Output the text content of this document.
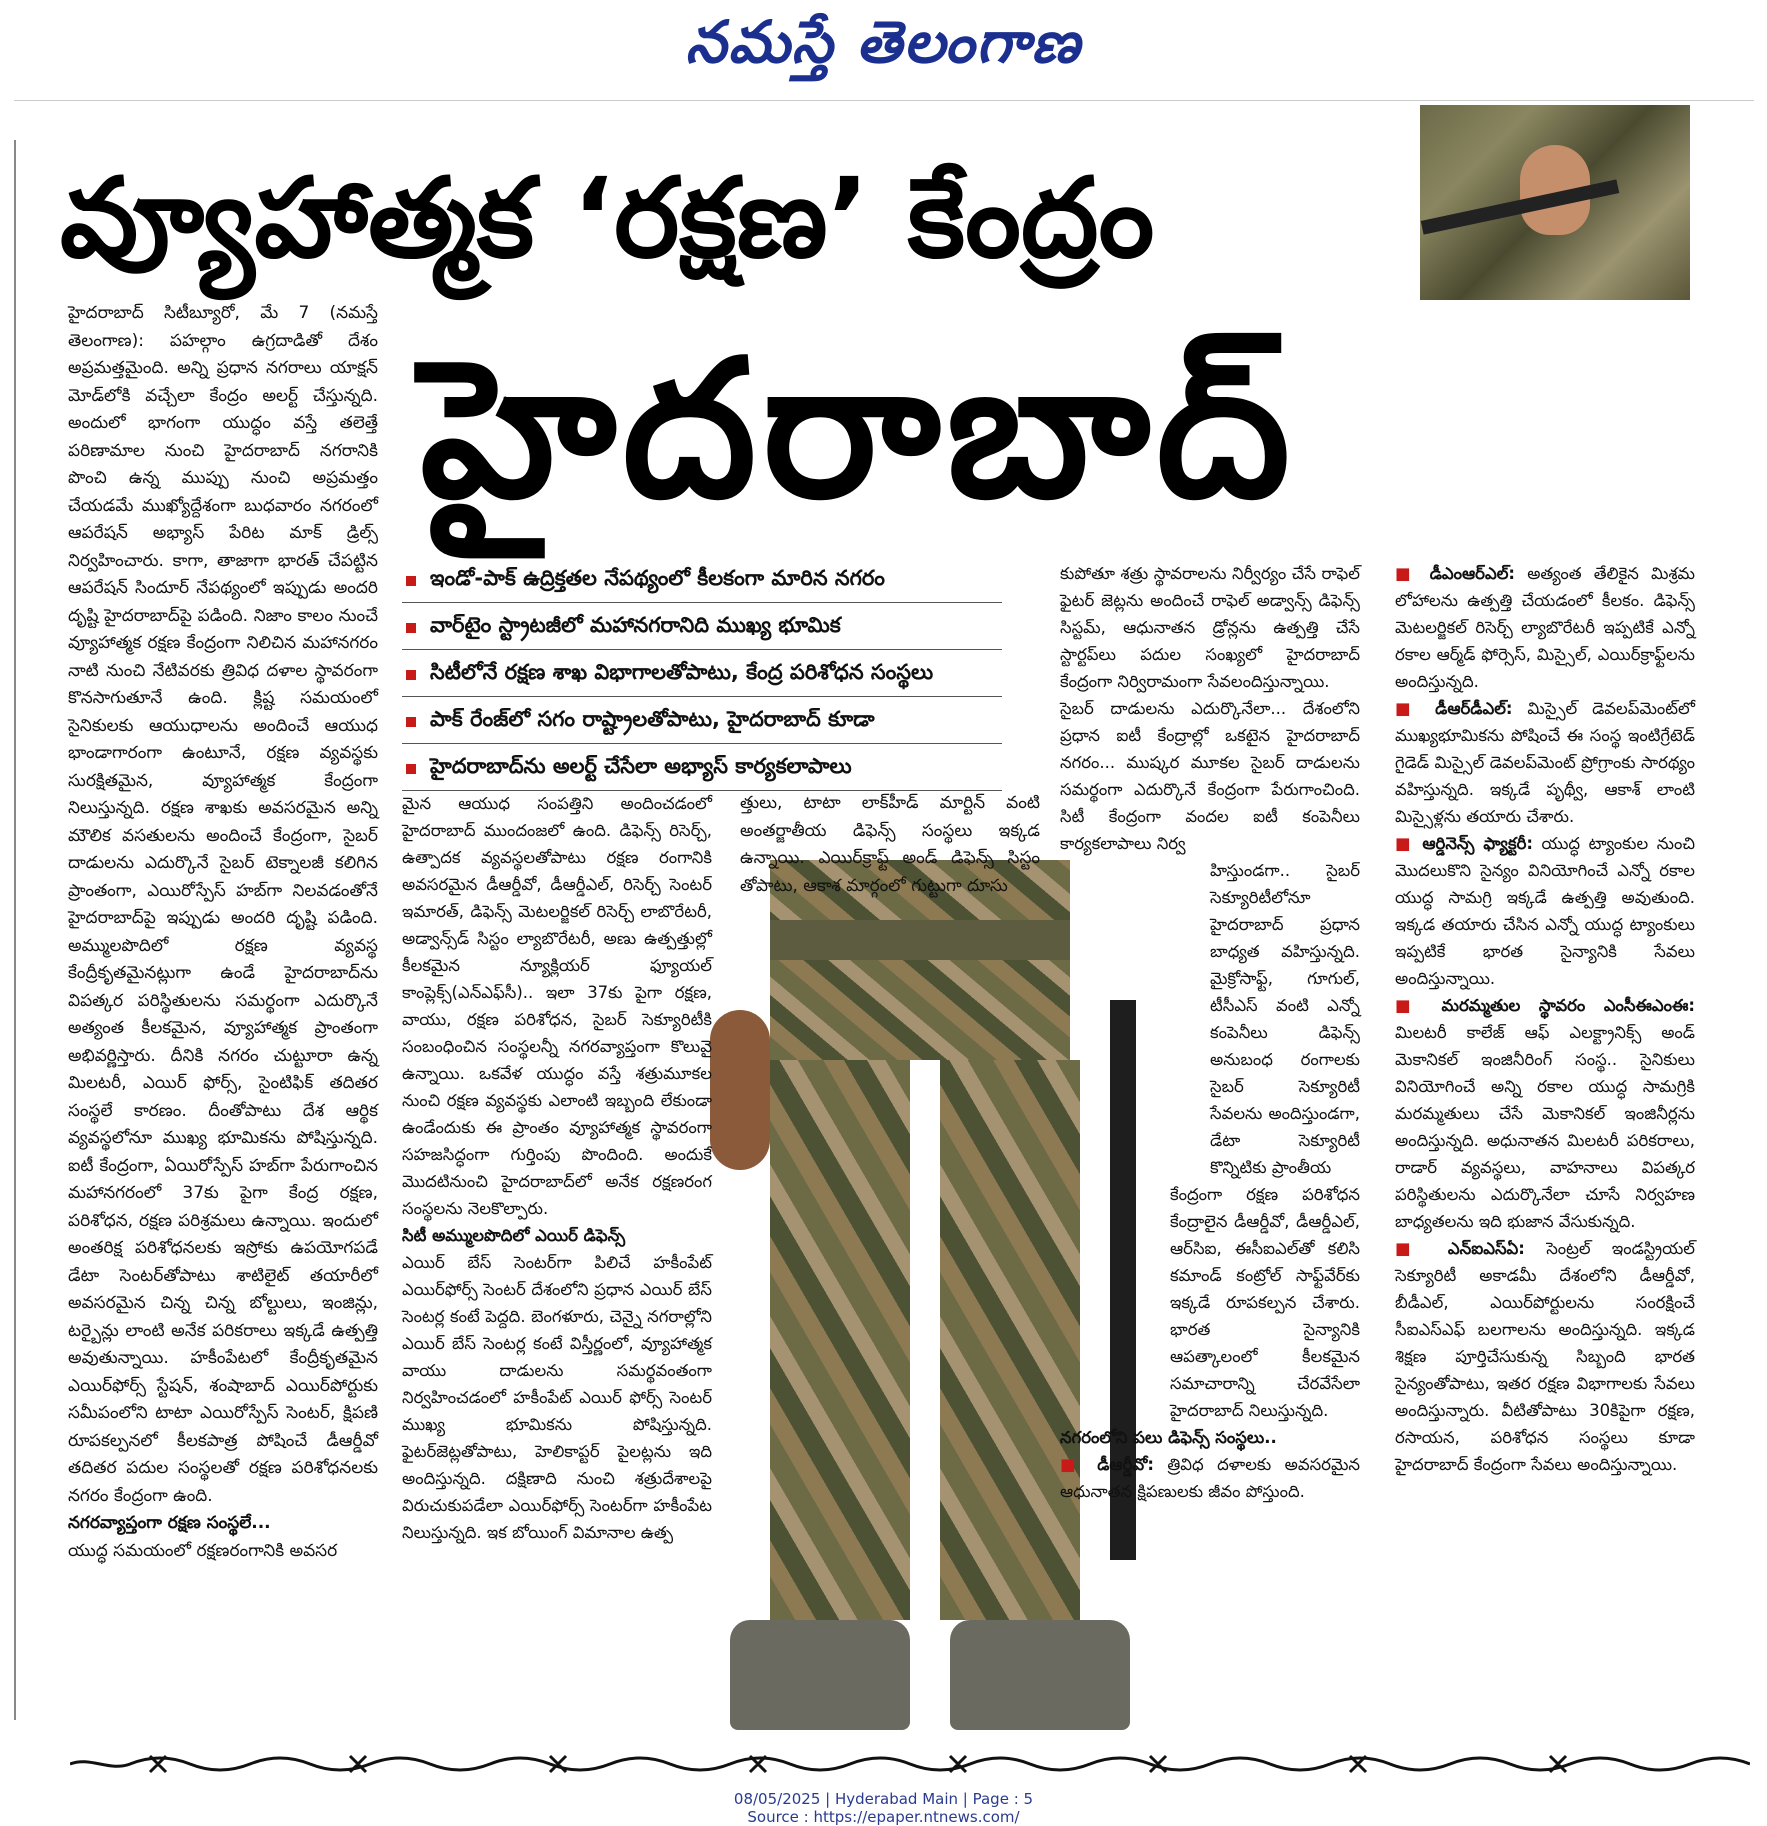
నమస్తే తెలంగాణ
వ్యూహాత్మక ‘రక్షణ’ కేంద్రం
హైదరాబాద్
ఇండో-పాక్ ఉద్రిక్తతల నేపథ్యంలో కీలకంగా మారిన నగరం
వార్‌టైం స్ట్రాటజీలో మహానగరానిది ముఖ్య భూమిక
సిటీలోనే రక్షణ శాఖ విభాగాలతోపాటు, కేంద్ర పరిశోధన సంస్థలు
పాక్ రేంజ్‌లో సగం రాష్ట్రాలతోపాటు, హైదరాబాద్ కూడా
హైదరాబాద్‌ను అలర్ట్ చేసేలా అభ్యాస్ కార్యకలాపాలు

హైదరాబాద్ సిటీబ్యూరో, మే 7 (నమస్తే తెలంగాణ): పహల్గాం ఉగ్రదాడితో దేశం అప్రమత్తమైంది. అన్ని ప్రధాన నగరాలు యాక్షన్ మోడ్‌లోకి వచ్చేలా కేంద్రం అలర్ట్ చేస్తున్నది. అందులో భాగంగా యుద్ధం వస్తే తలెత్తే పరిణామాల నుంచి హైదరాబాద్ నగరానికి పొంచి ఉన్న ముప్పు నుంచి అప్రమత్తం చేయడమే ముఖ్యోద్దేశంగా బుధవారం నగరంలో ఆపరేషన్ అభ్యాస్ పేరిట మాక్ డ్రిల్స్ నిర్వహించారు. కాగా, తాజాగా భారత్ చేపట్టిన ఆపరేషన్ సిందూర్ నేపథ్యంలో ఇప్పుడు అందరి దృష్టి హైదరాబాద్‌పై పడింది. నిజాం కాలం నుంచే వ్యూహాత్మక రక్షణ కేంద్రంగా నిలిచిన మహానగరం నాటి నుంచి నేటివరకు త్రివిధ దళాల స్థావరంగా కొనసాగుతూనే ఉంది. క్లిష్ట సమయంలో సైనికులకు ఆయుధాలను అందించే ఆయుధ భాండాగారంగా ఉంటూనే, రక్షణ వ్యవస్థకు సురక్షితమైన, వ్యూహాత్మక కేంద్రంగా నిలుస్తున్నది. రక్షణ శాఖకు అవసరమైన అన్ని మౌలిక వసతులను అందించే కేంద్రంగా, సైబర్ దాడులను ఎదుర్కొనే సైబర్ టెక్నాలజీ కలిగిన ప్రాంతంగా, ఎయిరోస్పేస్ హబ్‌గా నిలవడంతోనే హైదరాబాద్‌పై ఇప్పుడు అందరి దృష్టి పడింది. అమ్ములపొదిలో రక్షణ వ్యవస్థ కేంద్రీకృతమైనట్లుగా ఉండే హైదరాబాద్‌ను విపత్కర పరిస్థితులను సమర్థంగా ఎదుర్కొనే అత్యంత కీలకమైన, వ్యూహాత్మక ప్రాంతంగా అభివర్ణిస్తారు. దీనికి నగరం చుట్టూరా ఉన్న మిలటరీ, ఎయిర్ ఫోర్స్, సైంటిఫిక్ తదితర సంస్థలే కారణం. దీంతోపాటు దేశ ఆర్థిక వ్యవస్థలోనూ ముఖ్య భూమికను పోషిస్తున్నది. ఐటీ కేంద్రంగా, ఏయిరోస్పేస్ హబ్‌గా పేరుగాంచిన మహానగరంలో 37కు పైగా కేంద్ర రక్షణ, పరిశోధన, రక్షణ పరిశ్రమలు ఉన్నాయి. ఇందులో అంతరిక్ష పరిశోధనలకు ఇస్రోకు ఉపయోగపడే డేటా సెంటర్‌తోపాటు శాటిలైట్ తయారీలో అవసరమైన చిన్న చిన్న బోల్టులు, ఇంజిన్లు, టర్బైన్లు లాంటి అనేక పరికరాలు ఇక్కడే ఉత్పత్తి అవుతున్నాయి. హకీంపేటలో కేంద్రీకృతమైన ఎయిర్‌ఫోర్స్ స్టేషన్, శంషాబాద్ ఎయిర్‌పోర్టుకు సమీపంలోని టాటా ఎయిరోస్పేస్ సెంటర్, క్షిపణి రూపకల్పనలో కీలకపాత్ర పోషించే డీఆర్డీవో తదితర పదుల సంస్థలతో రక్షణ పరిశోధనలకు నగరం కేంద్రంగా ఉంది.

నగరవ్యాప్తంగా రక్షణ సంస్థలే...

యుద్ధ సమయంలో రక్షణరంగానికి అవసర

మైన ఆయుధ సంపత్తిని అందించడంలో హైదరాబాద్ ముందంజలో ఉంది. డిఫెన్స్ రిసెర్చ్, ఉత్పాదక వ్యవస్థలతోపాటు రక్షణ రంగానికి అవసరమైన డీఆర్డీవో, డీఆర్డీఎల్, రిసెర్చ్ సెంటర్ ఇమారత్, డిఫెన్స్ మెటలర్జికల్ రిసెర్చ్ లాబొరేటరీ, అడ్వాన్స్‌డ్ సిస్టం ల్యాబొరేటరీ, అణు ఉత్పత్తుల్లో కీలకమైన న్యూక్లియర్ ఫ్యూయల్ కాంప్లెక్స్(ఎన్‌ఎఫ్‌సీ).. ఇలా 37కు పైగా రక్షణ, వాయు, రక్షణ పరిశోధన, సైబర్ సెక్యూరిటీకి సంబంధించిన సంస్థలన్నీ నగరవ్యాప్తంగా కొలువై ఉన్నాయి. ఒకవేళ యుద్ధం వస్తే శత్రుమూకల నుంచి రక్షణ వ్యవస్థకు ఎలాంటి ఇబ్బంది లేకుండా ఉండేందుకు ఈ ప్రాంతం వ్యూహాత్మక స్థావరంగా సహజసిద్ధంగా గుర్తింపు పొందింది. అందుకే మొదటినుంచి హైదరాబాద్‌లో అనేక రక్షణరంగ సంస్థలను నెలకొల్పారు.

సిటీ అమ్ములపొదిలో ఎయిర్ డిఫెన్స్

ఎయిర్ బేస్ సెంటర్‌గా పిలిచే హకీంపేట్ ఎయిర్‌ఫోర్స్ సెంటర్ దేశంలోని ప్రధాన ఎయిర్ బేస్ సెంటర్ల కంటే పెద్దది. బెంగళూరు, చెన్నై నగరాల్లోని ఎయిర్ బేస్ సెంటర్ల కంటే విస్తీర్ణంలో, వ్యూహాత్మక వాయు దాడులను సమర్థవంతంగా నిర్వహించడంలో హకీంపేట్ ఎయిర్ ఫోర్స్ సెంటర్ ముఖ్య భూమికను పోషిస్తున్నది. ఫైటర్‌జెట్లతోపాటు, హెలికాప్టర్ పైలట్లను ఇది అందిస్తున్నది. దక్షిణాది నుంచి శత్రుదేశాలపై విరుచుకుపడేలా ఎయిర్‌ఫోర్స్ సెంటర్‌గా హకీంపేట నిలుస్తున్నది. ఇక బోయింగ్ విమానాల ఉత్ప

త్తులు, టాటా లాక్‌హీడ్ మార్టిన్ వంటి అంతర్జాతీయ డిఫెన్స్ సంస్థలు ఇక్కడ ఉన్నాయి. ఎయిర్‌క్రాఫ్ట్ అండ్ డిఫెన్స్ సిస్టం తోపాటు, ఆకాశ మార్గంలో గుట్టుగా దూసు

కుపోతూ శత్రు స్థావరాలను నిర్వీర్యం చేసే రాఫెల్ ఫైటర్ జెట్లను అందించే రాఫెల్ అడ్వాన్స్ డిఫెన్స్ సిస్టమ్, ఆధునాతన డ్రోన్లను ఉత్పత్తి చేసే స్టార్టప్‌లు పదుల సంఖ్యలో హైదరాబాద్ కేంద్రంగా నిర్విరామంగా సేవలందిస్తున్నాయి.

సైబర్ దాడులను ఎదుర్కొనేలా... దేశంలోని ప్రధాన ఐటీ కేంద్రాల్లో ఒకటైన హైదరాబాద్ నగరం... ముష్కర మూకల సైబర్ దాడులను సమర్థంగా ఎదుర్కొనే కేంద్రంగా పేరుగాంచింది. సిటీ కేంద్రంగా వందల ఐటీ కంపెనీలు కార్యకలాపాలు నిర్వ

హిస్తుండగా.. సైబర్ సెక్యూరిటీలోనూ హైదరాబాద్ ప్రధాన బాధ్యత వహిస్తున్నది. మైక్రోసాఫ్ట్, గూగుల్, టీసీఎస్ వంటి ఎన్నో కంపెనీలు డిఫెన్స్ అనుబంధ రంగాలకు సైబర్ సెక్యూరిటీ సేవలను అందిస్తుండగా, డేటా సెక్యూరిటీ కొన్నిటికు ప్రాంతీయ

కేంద్రంగా రక్షణ పరిశోధన కేంద్రాలైన డీఆర్డీవో, డీఆర్డీఎల్, ఆర్‌సిఐ, ఈసీఐఎల్‌తో కలిసి కమాండ్ కంట్రోల్ సాఫ్ట్‌వేర్‌కు ఇక్కడే రూపకల్పన చేశారు. భారత సైన్యానికి ఆపత్కాలంలో కీలకమైన సమాచారాన్ని చేరవేసేలా హైదరాబాద్ నిలుస్తున్నది.

నగరంలోని పలు డిఫెన్స్ సంస్థలు..

■ డీఆర్డీవో: త్రివిధ దళాలకు అవసరమైన ఆధునాతన క్షిపణులకు జీవం పోస్తుంది.

■ డీఎంఆర్ఎల్: అత్యంత తేలికైన మిశ్రమ లోహాలను ఉత్పత్తి చేయడంలో కీలకం. డిఫెన్స్ మెటలర్జికల్ రిసెర్చ్ ల్యాబొరేటరీ ఇప్పటికే ఎన్నో రకాల ఆర్మ్‌డ్ ఫోర్సెస్, మిస్సైల్, ఎయిర్‌క్రాఫ్ట్‌లను అందిస్తున్నది.

■ డీఆర్‌డీఎల్: మిస్సైల్ డెవలప్‌మెంట్‌లో ముఖ్యభూమికను పోషించే ఈ సంస్థ ఇంటిగ్రేటెడ్ గైడెడ్ మిస్సైల్ డెవలప్‌మెంట్ ప్రోగ్రాంకు సారథ్యం వహిస్తున్నది. ఇక్కడే పృథ్వీ, ఆకాశ్ లాంటి మిస్సైళ్లను తయారు చేశారు.

■ ఆర్డినెన్స్ ఫ్యాక్టరీ: యుద్ధ ట్యాంకుల నుంచి మొదలుకొని సైన్యం వినియోగించే ఎన్నో రకాల యుద్ధ సామగ్రి ఇక్కడే ఉత్పత్తి అవుతుంది. ఇక్కడ తయారు చేసిన ఎన్నో యుద్ధ ట్యాంకులు ఇప్పటికే భారత సైన్యానికి సేవలు అందిస్తున్నాయి.

■ మరమ్మతుల స్థావరం ఎంసీఈఎంఈ: మిలటరీ కాలేజ్ ఆఫ్ ఎలక్ట్రానిక్స్ అండ్ మెకానికల్ ఇంజినీరింగ్ సంస్థ.. సైనికులు వినియోగించే అన్ని రకాల యుద్ధ సామగ్రికి మరమ్మతులు చేసే మెకానికల్ ఇంజినీర్లను అందిస్తున్నది. అధునాతన మిలటరీ పరికరాలు, రాడార్ వ్యవస్థలు, వాహనాలు విపత్కర పరిస్థితులను ఎదుర్కొనేలా చూసే నిర్వహణ బాధ్యతలను ఇది భుజాన వేసుకున్నది.

■ ఎన్ఐఎస్ఏ: సెంట్రల్ ఇండస్ట్రియల్ సెక్యూరిటీ అకాడమీ దేశంలోని డీఆర్డీవో, బీడీఎల్, ఎయిర్‌పోర్టులను సంరక్షించే సీఐఎస్ఎఫ్ బలగాలను అందిస్తున్నది. ఇక్కడ శిక్షణ పూర్తిచేసుకున్న సిబ్బంది భారత సైన్యంతోపాటు, ఇతర రక్షణ విభాగాలకు సేవలు అందిస్తున్నారు. వీటితోపాటు 30కిపైగా రక్షణ, రసాయన, పరిశోధన సంస్థలు కూడా హైదరాబాద్ కేంద్రంగా సేవలు అందిస్తున్నాయి.

08/05/2025 | Hyderabad Main | Page : 5
Source : https://epaper.ntnews.com/
